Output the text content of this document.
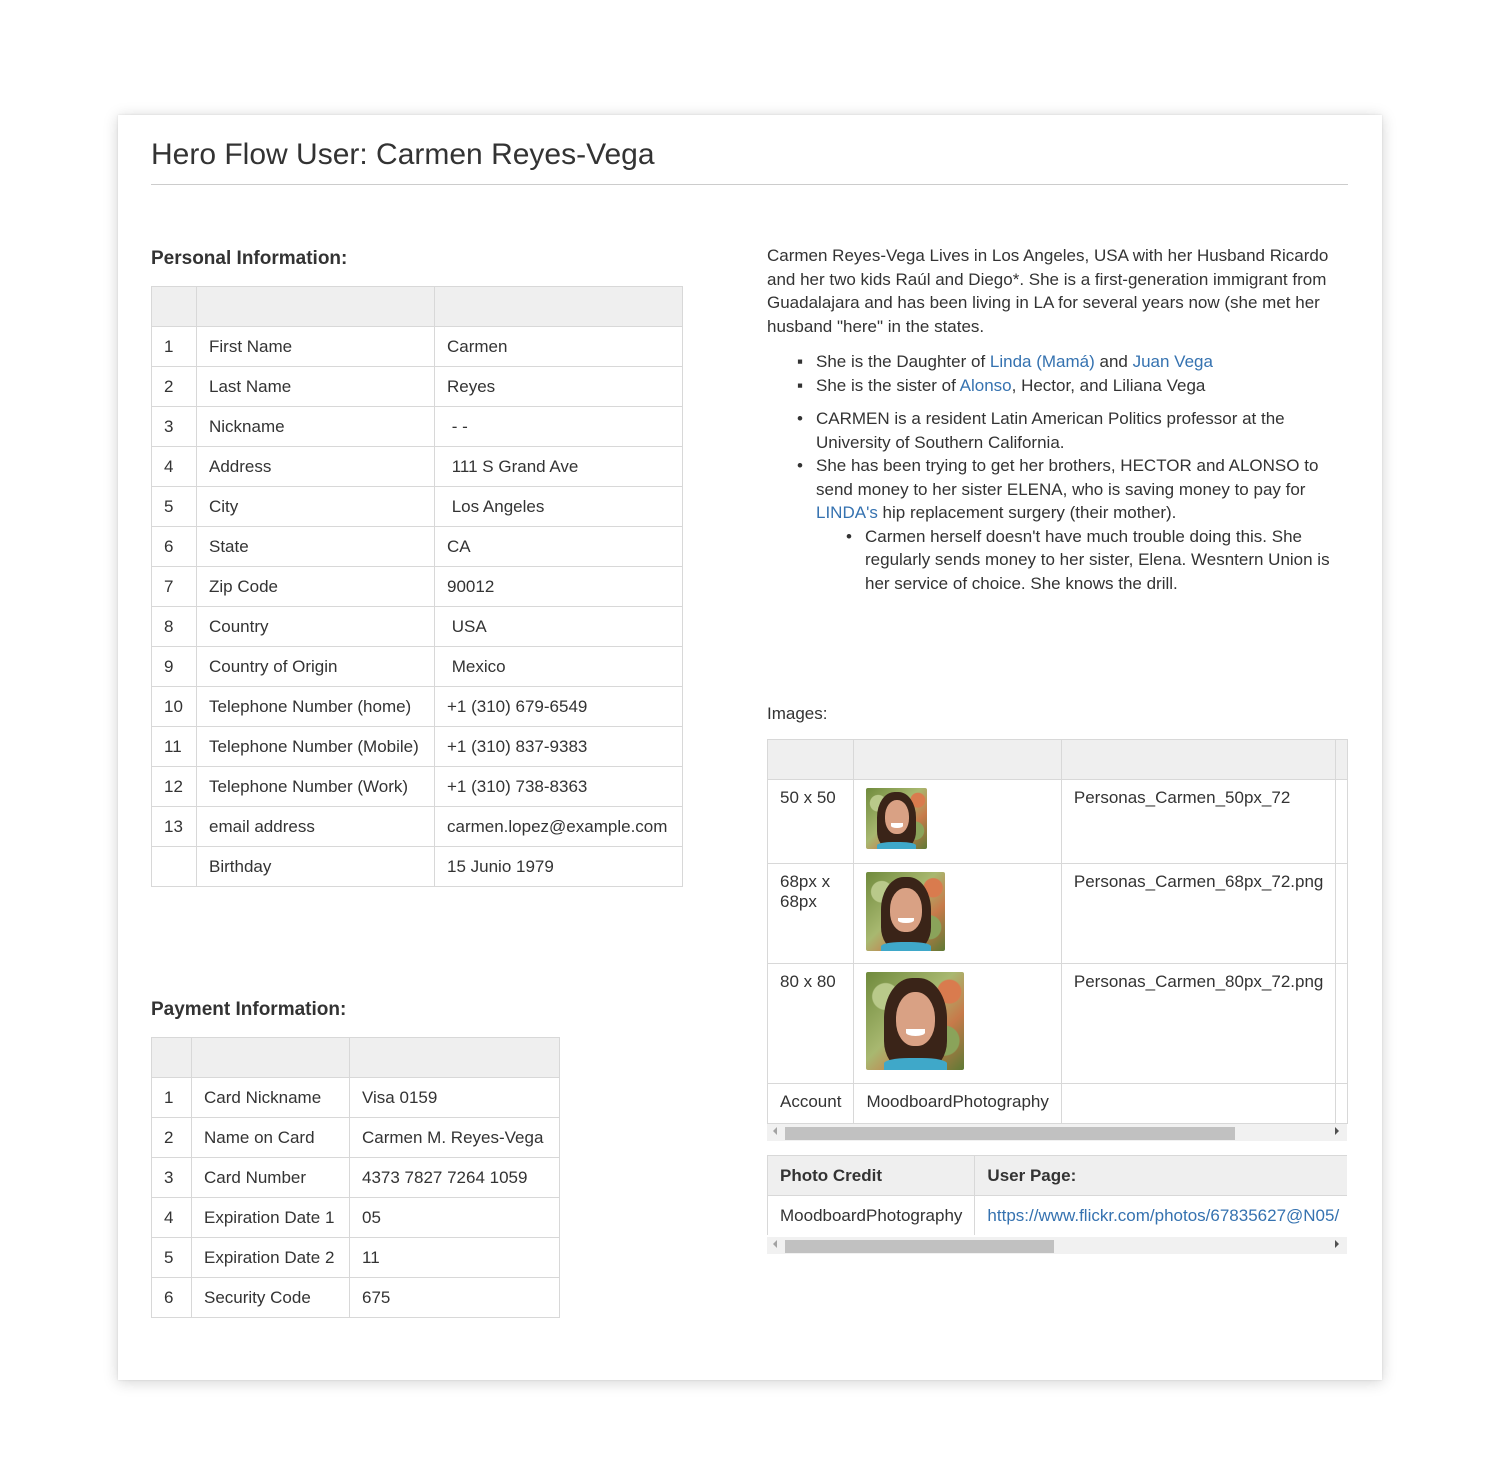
Hero Flow User: Carmen Reyes-Vega
Personal Information:

1	First Name	Carmen
2	Last Name	Reyes
3	Nickname	- -
4	Address	111 S Grand Ave
5	City	Los Angeles
6	State	CA
7	Zip Code	90012
8	Country	USA
9	Country of Origin	Mexico
10	Telephone Number (home)	+1 (310) 679-6549
11	Telephone Number (Mobile)	+1 (310) 837-9383
12	Telephone Number (Work)	+1 (310) 738-8363
13	email address	carmen.lopez@example.com
	Birthday	15 Junio 1979
Payment Information:

1	Card Nickname	Visa 0159
2	Name on Card	Carmen M. Reyes-Vega
3	Card Number	4373 7827 7264 1059
4	Expiration Date 1	05
5	Expiration Date 2	11
6	Security Code	675

Carmen Reyes-Vega Lives in Los Angeles, USA with her Husband Ricardo and her two kids Raúl and Diego*. She is a first-generation immigrant from Guadalajara and has been living in LA for several years now (she met her husband "here" in the states.

▪ She is the Daughter of Linda (Mamá) and Juan Vega
▪ She is the sister of Alonso, Hector, and Liliana Vega
• CARMEN is a resident Latin American Politics professor at the University of Southern California.
• She has been trying to get her brothers, HECTOR and ALONSO to send money to her sister ELENA, who is saving money to pay for LINDA's hip replacement surgery (their mother).
• Carmen herself doesn't have much trouble doing this. She regularly sends money to her sister, Elena. Wesntern Union is her service of choice. She knows the drill.
Images:

50 x 50		Personas_Carmen_50px_72	
68px x 68px		Personas_Carmen_68px_72.png	
80 x 80		Personas_Carmen_80px_72.png	
Account	MoodboardPhotography		
Photo Credit	User Page:
MoodboardPhotography	https://www.flickr.com/photos/67835627@N05/
